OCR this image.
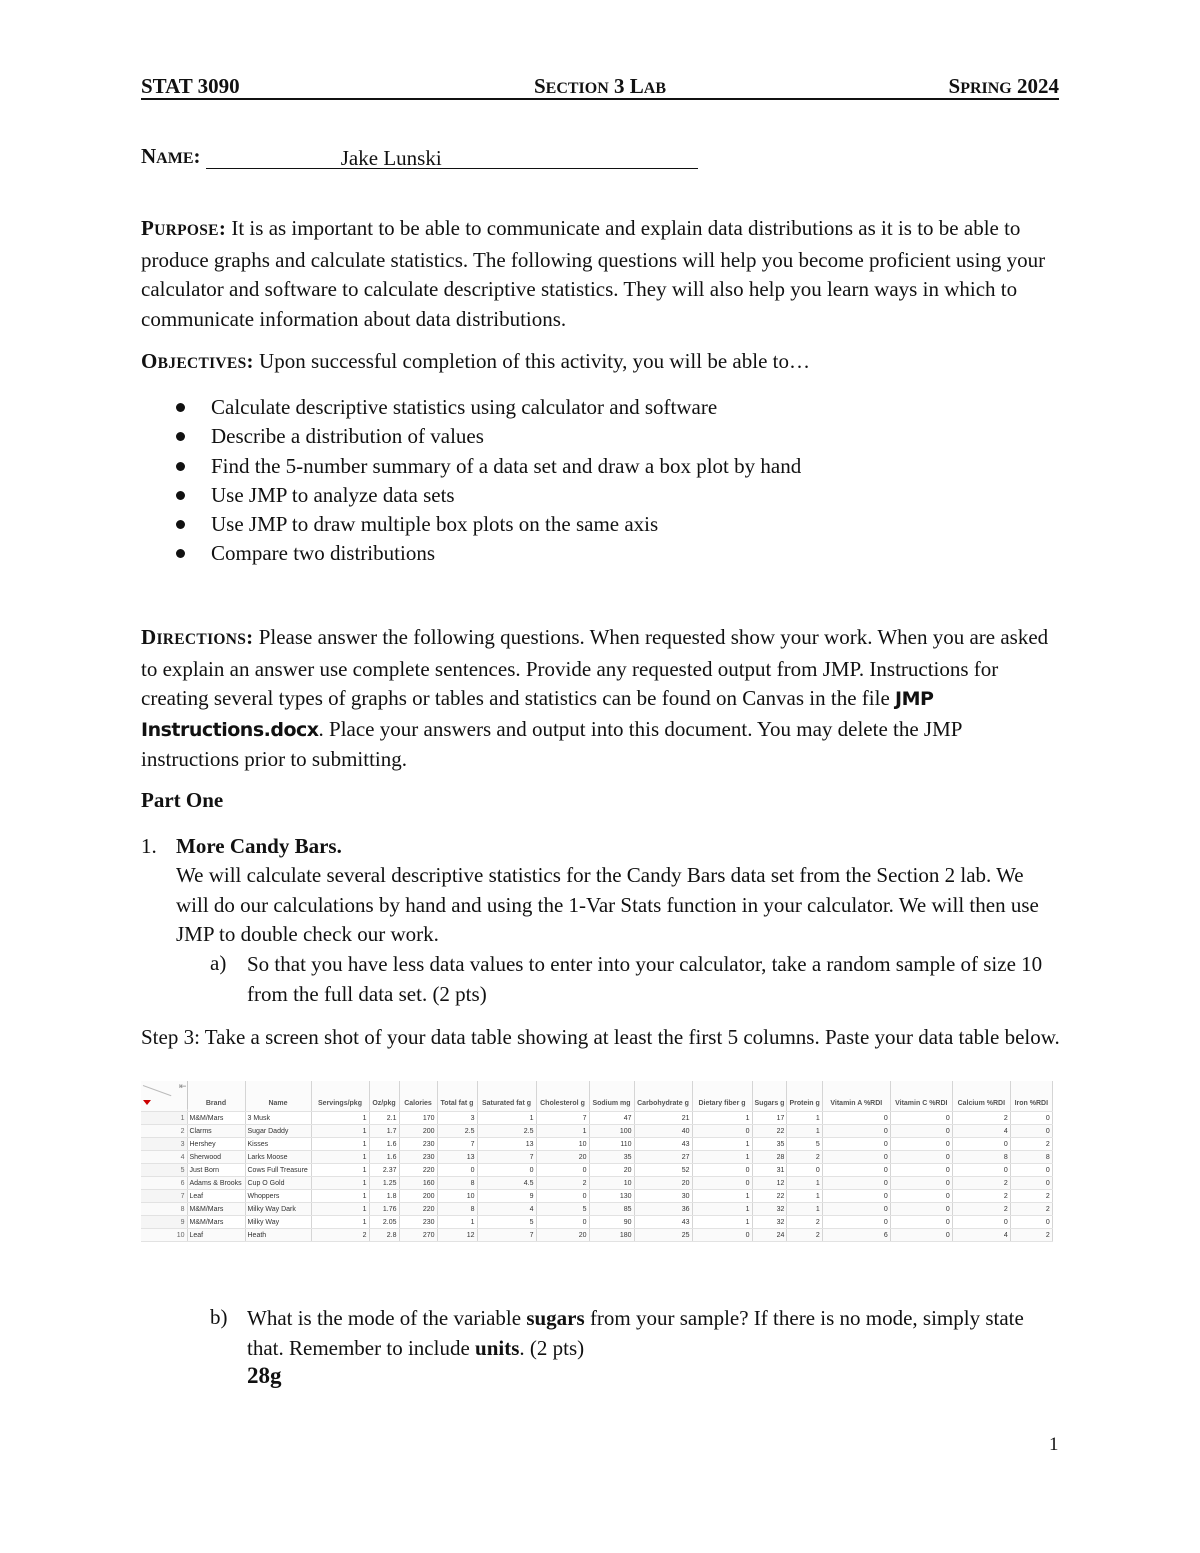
STAT 3090	SECTION 3 LAB	SPRING 2024
NAME:	Jake Lunski
PURPOSE: It is as important to be able to communicate and explain data distributions as it is to be able to produce graphs and calculate statistics. The following questions will help you become proficient using your calculator and software to calculate descriptive statistics. They will also help you learn ways in which to communicate information about data distributions.
OBJECTIVES: Upon successful completion of this activity, you will be able to…
Calculate descriptive statistics using calculator and software
Describe a distribution of values
Find the 5-number summary of a data set and draw a box plot by hand
Use JMP to analyze data sets
Use JMP to draw multiple box plots on the same axis
Compare two distributions
DIRECTIONS: Please answer the following questions. When requested show your work. When you are asked to explain an answer use complete sentences. Provide any requested output from JMP. Instructions for creating several types of graphs or tables and statistics can be found on Canvas in the file JMP Instructions.docx. Place your answers and output into this document. You may delete the JMP instructions prior to submitting.
Part One
1. More Candy Bars.
We will calculate several descriptive statistics for the Candy Bars data set from the Section 2 lab. We will do our calculations by hand and using the 1-Var Stats function in your calculator. We will then use JMP to double check our work.
a) So that you have less data values to enter into your calculator, take a random sample of size 10 from the full data set. (2 pts)
Step 3: Take a screen shot of your data table showing at least the first 5 columns. Paste your data table below.
	Brand	Name	Servings/pkg	Oz/pkg	Calories	Total fat g	Saturated fat g	Cholesterol g	Sodium mg	Carbohydrate g	Dietary fiber g	Sugars g	Protein g	Vitamin A %RDI	Vitamin C %RDI	Calcium %RDI	Iron %RDI
1	M&M/Mars	3 Musk	1	2.1	170	3	1	7	47	21	1	17	1	0	0	2	0
2	Clarms	Sugar Daddy	1	1.7	200	2.5	2.5	1	100	40	0	22	1	0	0	4	0
3	Hershey	Kisses	1	1.6	230	7	13	10	110	43	1	35	5	0	0	0	2
4	Sherwood	Larks Moose	1	1.6	230	13	7	20	35	27	1	28	2	0	0	8	8
5	Just Born	Cows Full Treasure	1	2.37	220	0	0	0	20	52	0	31	0	0	0	0	0
6	Adams & Brooks	Cup O Gold	1	1.25	160	8	4.5	2	10	20	0	12	1	0	0	2	0
7	Leaf	Whoppers	1	1.8	200	10	9	0	130	30	1	22	1	0	0	2	2
8	M&M/Mars	Milky Way Dark	1	1.76	220	8	4	5	85	36	1	32	1	0	0	2	2
9	M&M/Mars	Milky Way	1	2.05	230	1	5	0	90	43	1	32	2	0	0	0	0
10	Leaf	Heath	2	2.8	270	12	7	20	180	25	0	24	2	6	0	4	2
⇤
b) What is the mode of the variable sugars from your sample? If there is no mode, simply state that. Remember to include units. (2 pts)
28g
1
